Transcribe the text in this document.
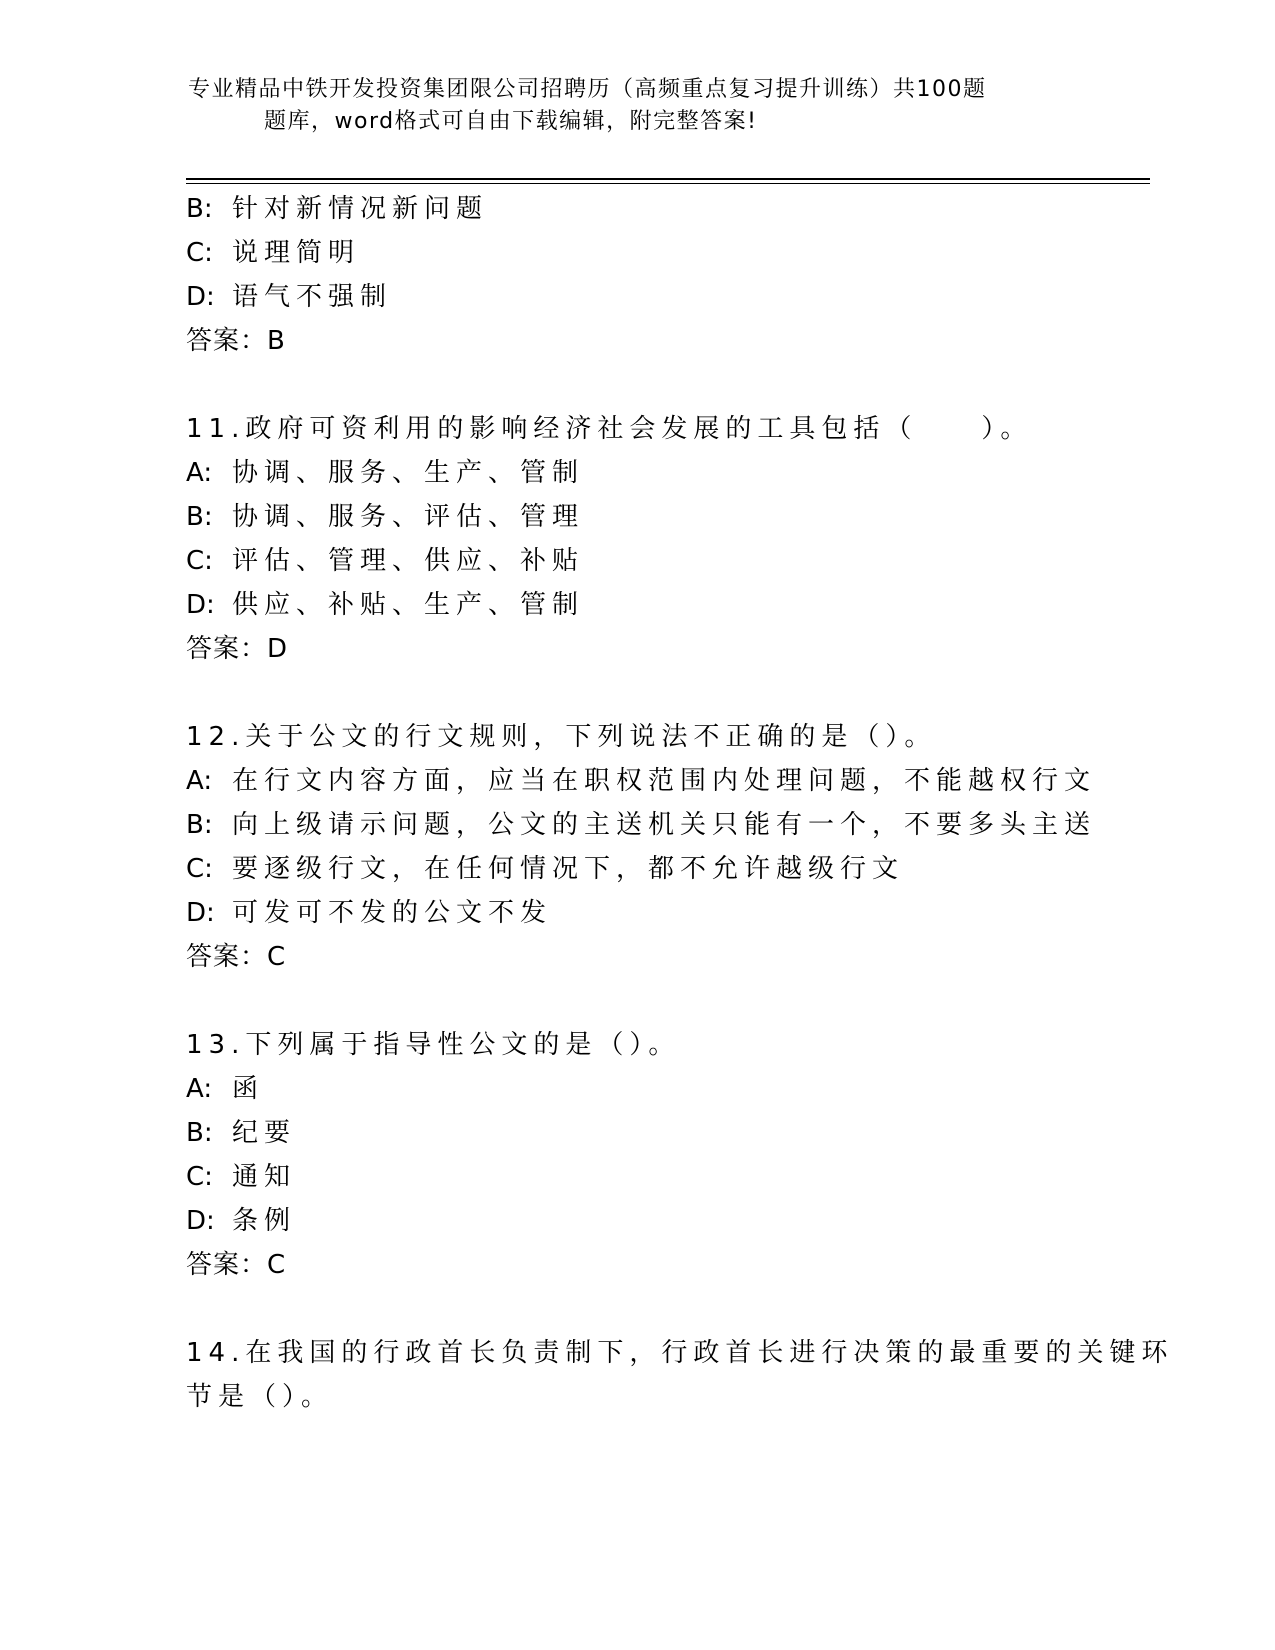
专业精品中铁开发投资集团限公司招聘历（高频重点复习提升训练）共100题
题库，word格式可自由下载编辑，附完整答案!
B: 针对新情况新问题
C: 说理简明
D: 语气不强制
答案：B
11.政府可资利用的影响经济社会发展的工具包括（　　）。
A: 协调、服务、生产、管制
B: 协调、服务、评估、管理
C: 评估、管理、供应、补贴
D: 供应、补贴、生产、管制
答案：D
12.关于公文的行文规则，下列说法不正确的是（）。
A: 在行文内容方面，应当在职权范围内处理问题，不能越权行文
B: 向上级请示问题，公文的主送机关只能有一个，不要多头主送
C: 要逐级行文，在任何情况下，都不允许越级行文
D: 可发可不发的公文不发
答案：C
13.下列属于指导性公文的是（）。
A: 函
B: 纪要
C: 通知
D: 条例
答案：C
14.在我国的行政首长负责制下，行政首长进行决策的最重要的关键环
节是（）。
